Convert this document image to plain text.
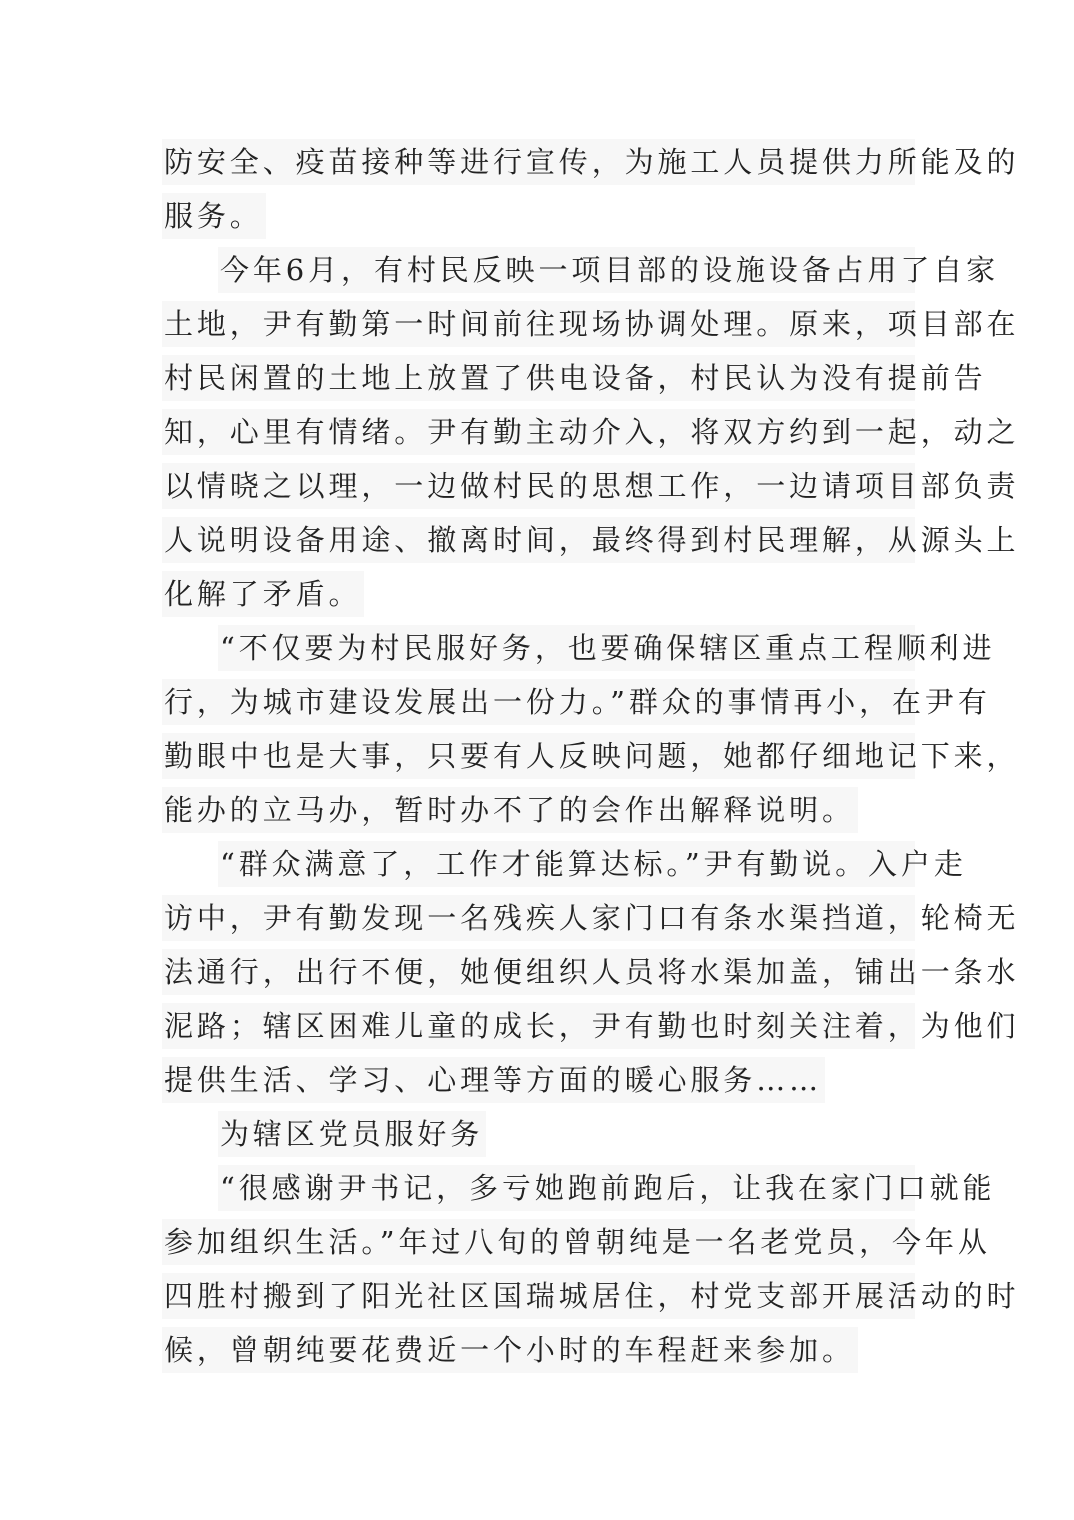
防安全、疫苗接种等进行宣传，为施工人员提供力所能及的
服务。
今年6月，有村民反映一项目部的设施设备占用了自家
土地，尹有勤第一时间前往现场协调处理。原来，项目部在
村民闲置的土地上放置了供电设备，村民认为没有提前告
知，心里有情绪。尹有勤主动介入，将双方约到一起，动之
以情晓之以理，一边做村民的思想工作，一边请项目部负责
人说明设备用途、撤离时间，最终得到村民理解，从源头上
化解了矛盾。
“不仅要为村民服好务，也要确保辖区重点工程顺利进
行，为城市建设发展出一份力。”群众的事情再小，在尹有
勤眼中也是大事，只要有人反映问题，她都仔细地记下来，
能办的立马办，暂时办不了的会作出解释说明。
“群众满意了，工作才能算达标。”尹有勤说。入户走
访中，尹有勤发现一名残疾人家门口有条水渠挡道，轮椅无
法通行，出行不便，她便组织人员将水渠加盖，铺出一条水
泥路；辖区困难儿童的成长，尹有勤也时刻关注着，为他们
提供生活、学习、心理等方面的暖心服务……
为辖区党员服好务
“很感谢尹书记，多亏她跑前跑后，让我在家门口就能
参加组织生活。”年过八旬的曾朝纯是一名老党员，今年从
四胜村搬到了阳光社区国瑞城居住，村党支部开展活动的时
候，曾朝纯要花费近一个小时的车程赶来参加。
